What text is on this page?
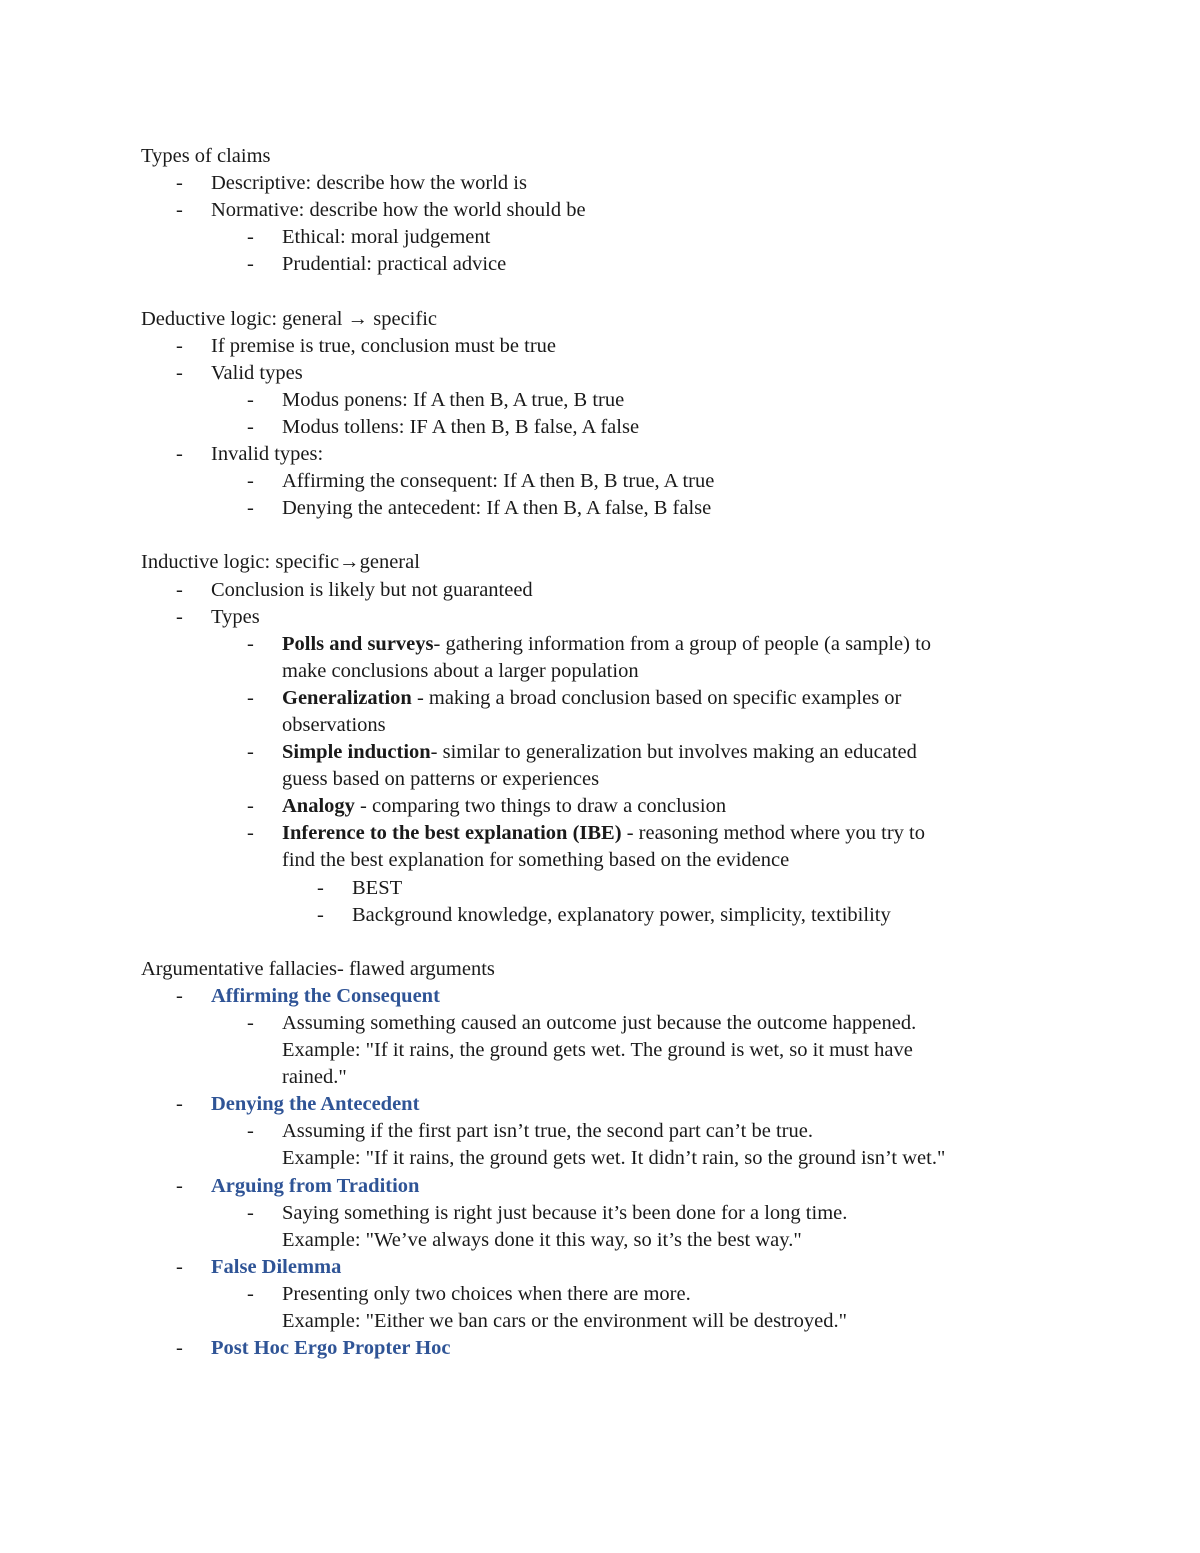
Types of claims
- Descriptive: describe how the world is
- Normative: describe how the world should be
- Ethical: moral judgement
- Prudential: practical advice
Deductive logic: general → specific
- If premise is true, conclusion must be true
- Valid types
- Modus ponens: If A then B, A true, B true
- Modus tollens: IF A then B, B false, A false
- Invalid types:
- Affirming the consequent: If A then B, B true, A true
- Denying the antecedent: If A then B, A false, B false
Inductive logic: specific→general
- Conclusion is likely but not guaranteed
- Types
- Polls and surveys- gathering information from a group of people (a sample) to
make conclusions about a larger population
- Generalization - making a broad conclusion based on specific examples or
observations
- Simple induction- similar to generalization but involves making an educated
guess based on patterns or experiences
- Analogy - comparing two things to draw a conclusion
- Inference to the best explanation (IBE) - reasoning method where you try to
find the best explanation for something based on the evidence
- BEST
- Background knowledge, explanatory power, simplicity, textibility
Argumentative fallacies- flawed arguments
- Affirming the Consequent
- Assuming something caused an outcome just because the outcome happened.
Example: "If it rains, the ground gets wet. The ground is wet, so it must have
rained."
- Denying the Antecedent
- Assuming if the first part isn’t true, the second part can’t be true.
Example: "If it rains, the ground gets wet. It didn’t rain, so the ground isn’t wet."
- Arguing from Tradition
- Saying something is right just because it’s been done for a long time.
Example: "We’ve always done it this way, so it’s the best way."
- False Dilemma
- Presenting only two choices when there are more.
Example: "Either we ban cars or the environment will be destroyed."
- Post Hoc Ergo Propter Hoc
